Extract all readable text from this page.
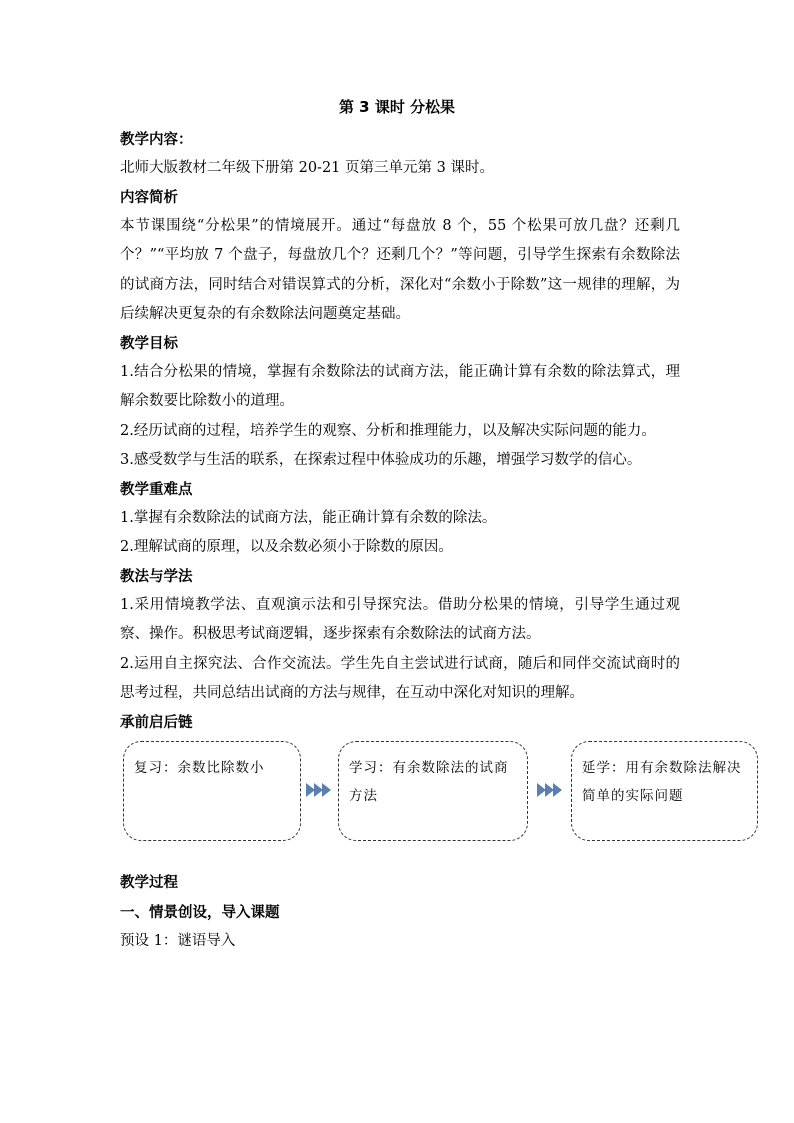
第 3 课时 分松果
教学内容：
北师大版教材二年级下册第 20-21 页第三单元第 3 课时。
内容简析
本节课围绕“分松果”的情境展开。通过“每盘放 8 个，55 个松果可放几盘？还剩几个？”“平均放 7 个盘子，每盘放几个？还剩几个？”等问题，引导学生探索有余数除法的试商方法，同时结合对错误算式的分析，深化对“余数小于除数”这一规律的理解，为后续解决更复杂的有余数除法问题奠定基础。
教学目标
1.结合分松果的情境，掌握有余数除法的试商方法，能正确计算有余数的除法算式，理解余数要比除数小的道理。
2.经历试商的过程，培养学生的观察、分析和推理能力，以及解决实际问题的能力。
3.感受数学与生活的联系，在探索过程中体验成功的乐趣，增强学习数学的信心。
教学重难点
1.掌握有余数除法的试商方法，能正确计算有余数的除法。
2.理解试商的原理，以及余数必须小于除数的原因。
教法与学法
1.采用情境教学法、直观演示法和引导探究法。借助分松果的情境，引导学生通过观察、操作。积极思考试商逻辑，逐步探索有余数除法的试商方法。
2.运用自主探究法、合作交流法。学生先自主尝试进行试商，随后和同伴交流试商时的思考过程，共同总结出试商的方法与规律，在互动中深化对知识的理解。
承前启后链
复习：余数比除数小	学习：有余数除法的试商方法
延学：用有余数除法解决简单的实际问题
教学过程
一、情景创设，导入课题
预设 1：谜语导入
